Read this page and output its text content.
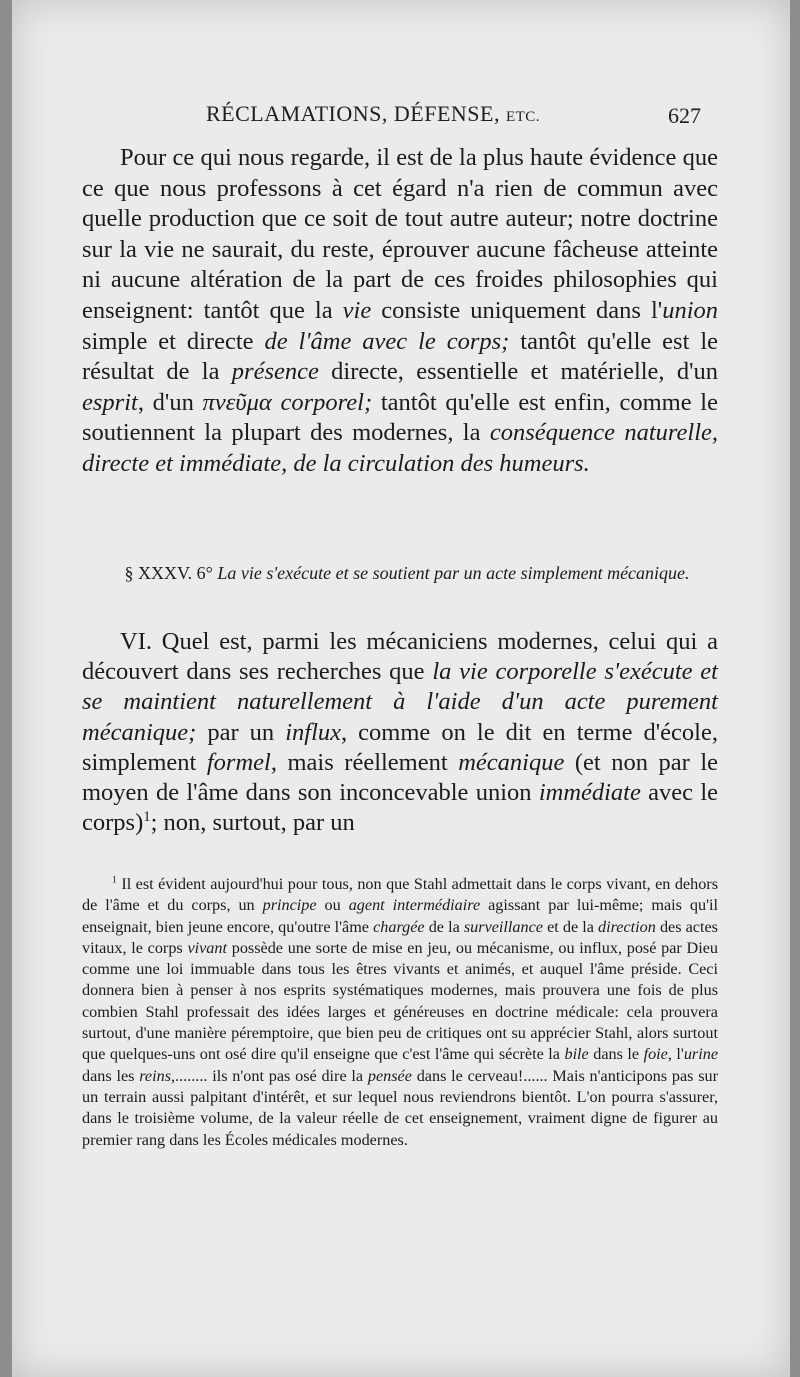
RÉCLAMATIONS, DÉFENSE, ETC.	627

Pour ce qui nous regarde, il est de la plus haute évidence que ce que nous professons à cet égard n'a rien de commun avec quelle production que ce soit de tout autre auteur; notre doctrine sur la vie ne saurait, du reste, éprouver aucune fâcheuse atteinte ni aucune altération de la part de ces froides philosophies qui enseignent: tantôt que la vie consiste uniquement dans l'union simple et directe de l'âme avec le corps; tantôt qu'elle est le résultat de la présence directe, essentielle et matérielle, d'un esprit, d'un πνεῦμα corporel; tantôt qu'elle est enfin, comme le soutiennent la plupart des modernes, la conséquence naturelle, directe et immédiate, de la circulation des humeurs.

§ XXXV. 6° La vie s'exécute et se soutient par un acte simplement mécanique.

VI. Quel est, parmi les mécaniciens modernes, celui qui a découvert dans ses recherches que la vie corporelle s'exécute et se maintient naturellement à l'aide d'un acte purement mécanique; par un influx, comme on le dit en terme d'école, simplement formel, mais réellement mécanique (et non par le moyen de l'âme dans son inconcevable union immédiate avec le corps)$^1$; non, surtout, par un

$^1$ Il est évident aujourd'hui pour tous, non que Stahl admettait dans le corps vivant, en dehors de l'âme et du corps, un principe ou agent intermédiaire agissant par lui-même; mais qu'il enseignait, bien jeune encore, qu'outre l'âme chargée de la surveillance et de la direction des actes vitaux, le corps vivant possède une sorte de mise en jeu, ou mécanisme, ou influx, posé par Dieu comme une loi immuable dans tous les êtres vivants et animés, et auquel l'âme préside. Ceci donnera bien à penser à nos esprits systématiques modernes, mais prouvera une fois de plus combien Stahl professait des idées larges et généreuses en doctrine médicale: cela prouvera surtout, d'une manière péremptoire, que bien peu de critiques ont su apprécier Stahl, alors surtout que quelques-uns ont osé dire qu'il enseigne que c'est l'âme qui sécrète la bile dans le foie, l'urine dans les reins,........ ils n'ont pas osé dire la pensée dans le cerveau!...... Mais n'anticipons pas sur un terrain aussi palpitant d'intérêt, et sur lequel nous reviendrons bientôt. L'on pourra s'assurer, dans le troisième volume, de la valeur réelle de cet enseignement, vraiment digne de figurer au premier rang dans les Écoles médicales modernes.
